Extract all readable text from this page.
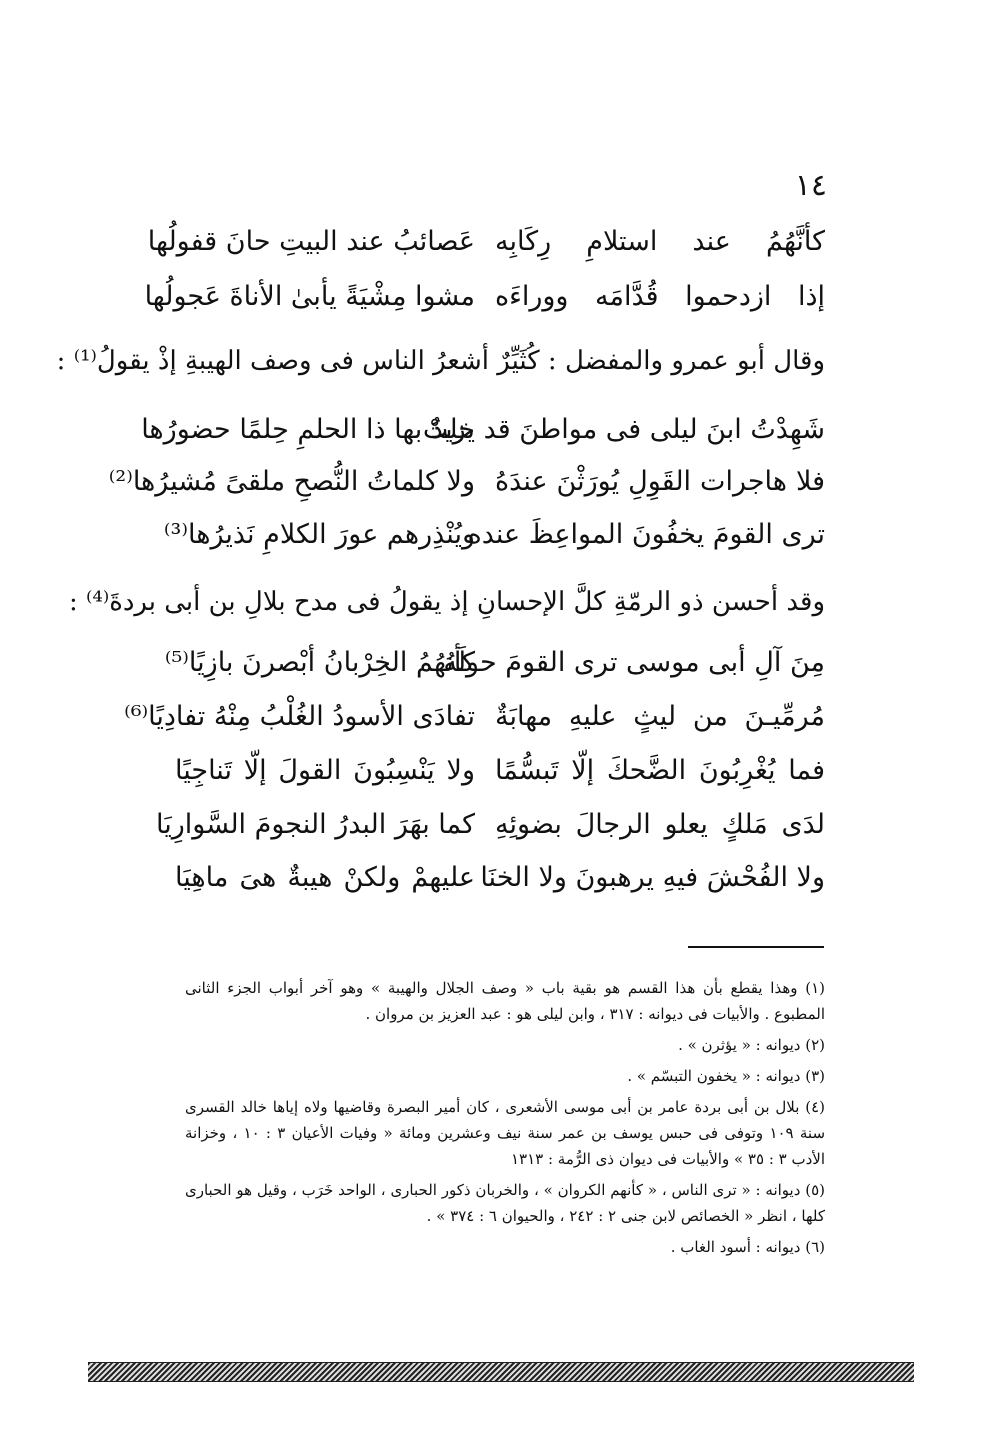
١٤
كأنَّهُمُ عند استلامِ رِكَابِه
عَصائبُ عند البيتِ حانَ قفولُها
إذا ازدحموا قُدَّامَه ووراءَه
مشوا مِشْيَةً يأبىٰ الأناةَ عَجولُها
وقال أبو عمرو والمفضل : كُثَيِّرٌ أشعرُ الناس فى وصف الهيبةِ إذْ يقولُ⁽¹⁾ :
شَهِدْتُ ابنَ ليلى فى مواطنَ قد خلتْ
يزيدُ بها ذا الحلمِ حِلمًا حضورُها
فلا هاجرات القَوِلِ يُورَثْنَ عندَهُ
ولا كلماتُ النُّصحِ ملقىً مُشيرُها⁽²⁾
ترى القومَ يخفُونَ المواعِظَ عنده
ويُنْذِرهم عورَ الكلامِ نَذيرُها⁽³⁾
وقد أحسن ذو الرمّةِ كلَّ الإحسانِ إذ يقولُ فى مدح بلالِ بن أبى بردةَ⁽⁴⁾ :
مِنَ آلِ أبى موسى ترى القومَ حولَهُ
كأنهُمُ الخِرْبانُ أبْصرنَ بازِيًا⁽⁵⁾
مُرمِّيـنَ من ليثٍ عليهِ مهابَةٌ
تفادَى الأسودُ الغُلْبُ مِنْهُ تفادِيًا⁽⁶⁾
فما يُغْرِبُونَ الضَّحكَ إلّا تَبسُّمًا
ولا يَنْسِبُونَ القولَ إلّا تَناجِيًا
لدَى مَلكٍ يعلو الرجالَ بضوئِهِ
كما بهَرَ البدرُ النجومَ السَّوارِيَا
ولا الفُحْشَ فيهِ يرهبونَ ولا الخنَا
عليهمْ ولكنْ هيبةٌ هىَ ماهِيَا

(١) وهذا يقطع بأن هذا القسم هو بقية باب « وصف الجلال والهيبة » وهو آخر أبواب الجزء الثانى المطبوع . والأبيات فى ديوانه : ٣١٧ ، وابن ليلى هو : عبد العزيز بن مروان .

(٢) ديوانه : « يؤثرن » .

(٣) ديوانه : « يخفون التبسّم » .

(٤) بلال بن أبى بردة عامر بن أبى موسى الأشعرى ، كان أمير البصرة وقاضيها ولاه إياها خالد القسرى سنة ١٠٩ وتوفى فى حبس يوسف بن عمر سنة نيف وعشرين ومائة « وفيات الأعيان ٣ : ١٠ ، وخزانة الأدب ٣ : ٣٥ » والأبيات فى ديوان ذى الرُّمة : ١٣١٣

(٥) ديوانه : « ترى الناس ، « كأنهم الكروان » ، والخربان ذكور الحبارى ، الواحد خَرَب ، وقيل هو الحبارى كلها ، انظر « الخصائص لابن جنى ٢ : ٢٤٢ ، والحيوان ٦ : ٣٧٤ » .

(٦) ديوانه : أسود الغاب .
